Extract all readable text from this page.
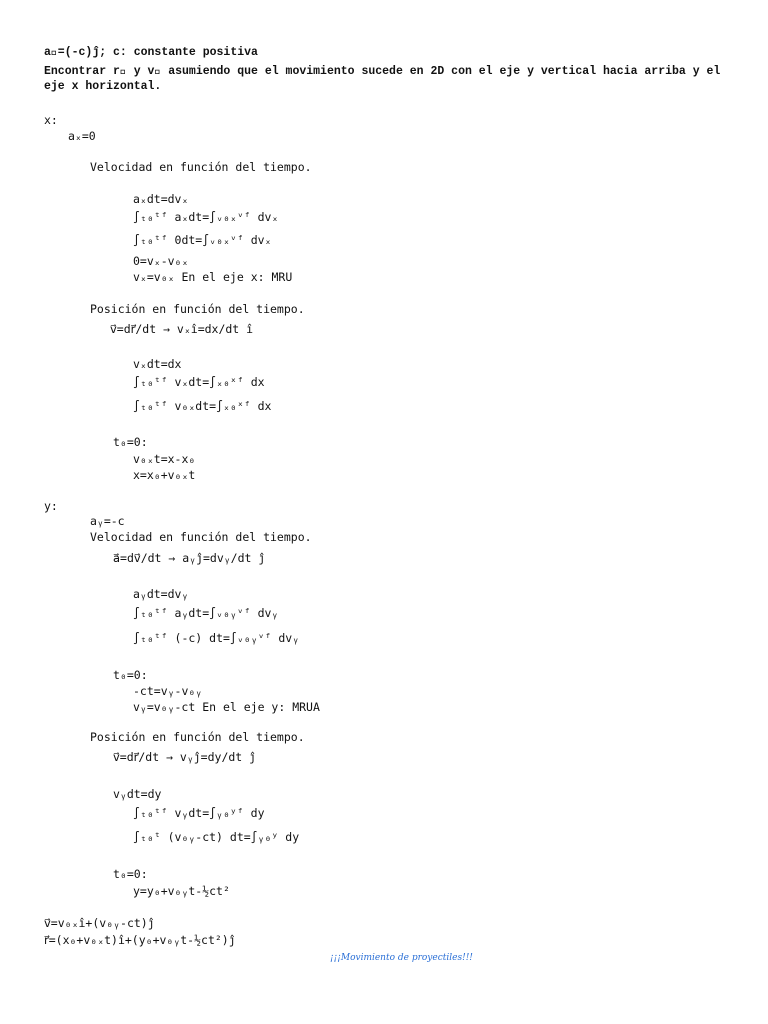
a⃗=(-c)ĵ; c: constante positiva
Encontrar r⃗ y v⃗ asumiendo que el movimiento sucede en 2D con el eje y vertical hacia arriba y el
eje x horizontal.
x:
aₓ=0
Velocidad en función del tiempo.
aₓdt=dvₓ
∫ₜ₀ᵗᶠ aₓdt=∫ᵥ₀ₓᵛᶠ dvₓ
∫ₜ₀ᵗᶠ 0dt=∫ᵥ₀ₓᵛᶠ dvₓ
0=vₓ-v₀ₓ
vₓ=v₀ₓ En el eje x: MRU
Posición en función del tiempo.
v⃗=dr⃗/dt → vₓî=dx/dt î
vₓdt=dx
∫ₜ₀ᵗᶠ vₓdt=∫ₓ₀ˣᶠ dx
∫ₜ₀ᵗᶠ v₀ₓdt=∫ₓ₀ˣᶠ dx
t₀=0:
v₀ₓt=x-x₀
x=x₀+v₀ₓt
y:
aᵧ=-c
Velocidad en función del tiempo.
a⃗=dv⃗/dt → aᵧĵ=dvᵧ/dt ĵ
aᵧdt=dvᵧ
∫ₜ₀ᵗᶠ aᵧdt=∫ᵥ₀ᵧᵛᶠ dvᵧ
∫ₜ₀ᵗᶠ (-c) dt=∫ᵥ₀ᵧᵛᶠ dvᵧ
t₀=0:
-ct=vᵧ-v₀ᵧ
vᵧ=v₀ᵧ-ct En el eje y: MRUA
Posición en función del tiempo.
v⃗=dr⃗/dt → vᵧĵ=dy/dt ĵ
vᵧdt=dy
∫ₜ₀ᵗᶠ vᵧdt=∫ᵧ₀ʸᶠ dy
∫ₜ₀ᵗ (v₀ᵧ-ct) dt=∫ᵧ₀ʸ dy
t₀=0:
y=y₀+v₀ᵧt-½ct²
v⃗=v₀ₓî+(v₀ᵧ-ct)ĵ
r⃗=(x₀+v₀ₓt)î+(y₀+v₀ᵧt-½ct²)ĵ
¡¡¡Movimiento de proyectiles!!!
